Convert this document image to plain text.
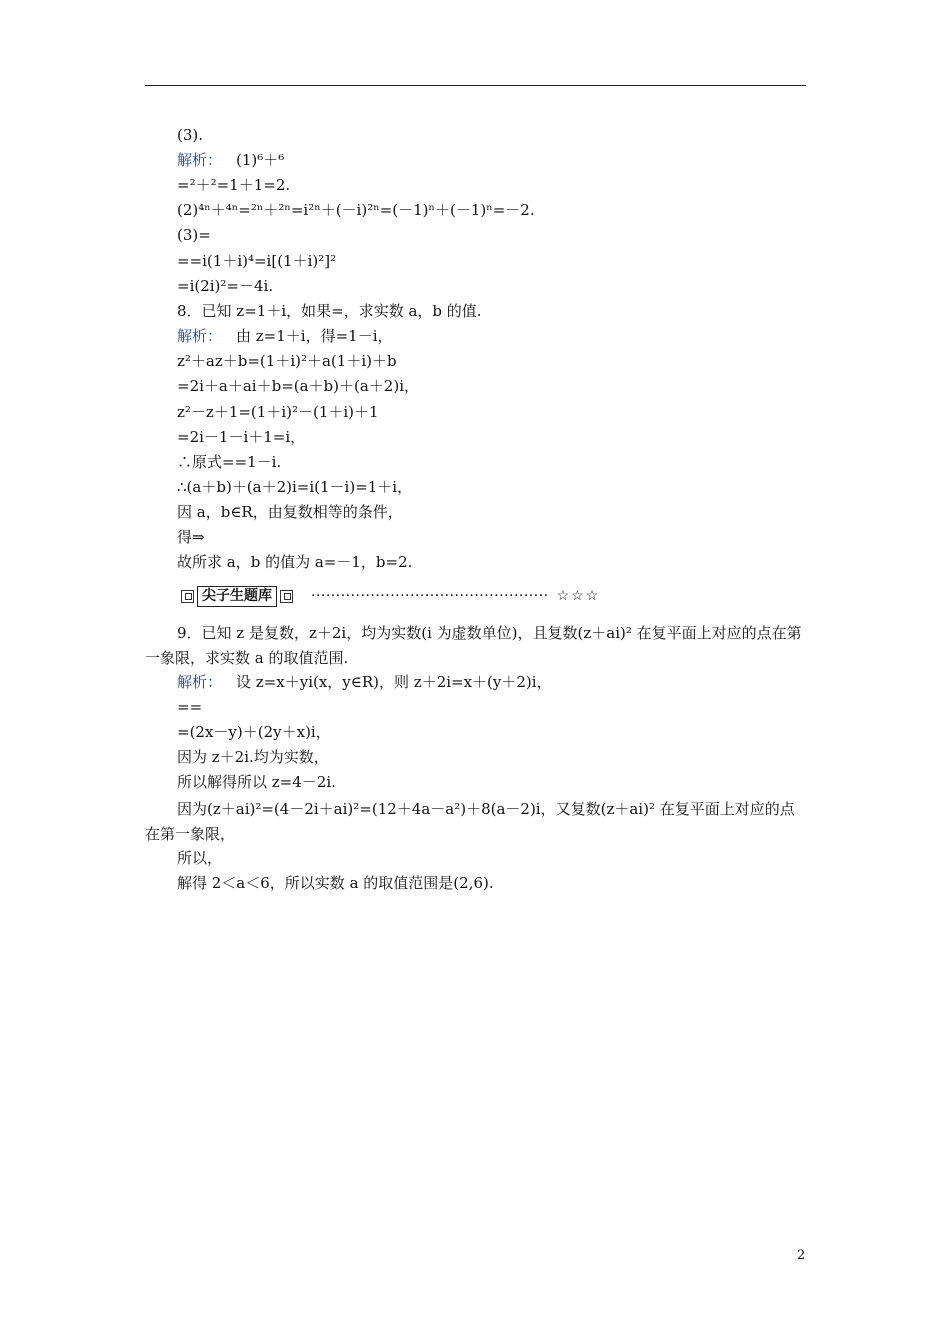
(3).
解析： (1)⁶＋⁶
=²＋²=1＋1=2.
(2)⁴ⁿ＋⁴ⁿ=²ⁿ＋²ⁿ=i²ⁿ＋(－i)²ⁿ=(－1)ⁿ＋(－1)ⁿ=－2.
(3)=
==i(1＋i)⁴=i[(1＋i)²]²
=i(2i)²=－4i.
8．已知 z=1＋i，如果=，求实数 a，b 的值.
解析： 由 z=1＋i，得=1－i，
z²＋az＋b=(1＋i)²＋a(1＋i)＋b
=2i＋a＋ai＋b=(a＋b)＋(a＋2)i，
z²－z＋1=(1＋i)²－(1＋i)＋1
=2i－1－i＋1=i，
∴原式==1－i.
∴(a＋b)＋(a＋2)i=i(1－i)=1＋i，
因 a，b∈R，由复数相等的条件，
得⇒
故所求 a，b 的值为 a=－1，b=2.
尖子生题库	················································ ☆☆☆
9．已知 z 是复数，z＋2i，均为实数(i 为虚数单位)，且复数(z＋ai)² 在复平面上对应的点在第一象限，求实数 a 的取值范围.
解析： 设 z=x＋yi(x，y∈R)，则 z＋2i=x＋(y＋2)i，
==
=(2x－y)＋(2y＋x)i，
因为 z＋2i.均为实数，
所以解得所以 z=4－2i.
因为(z＋ai)²=(4－2i＋ai)²=(12＋4a－a²)＋8(a－2)i，又复数(z＋ai)² 在复平面上对应的点在第一象限，
所以，
解得 2＜a＜6，所以实数 a 的取值范围是(2,6).
2
